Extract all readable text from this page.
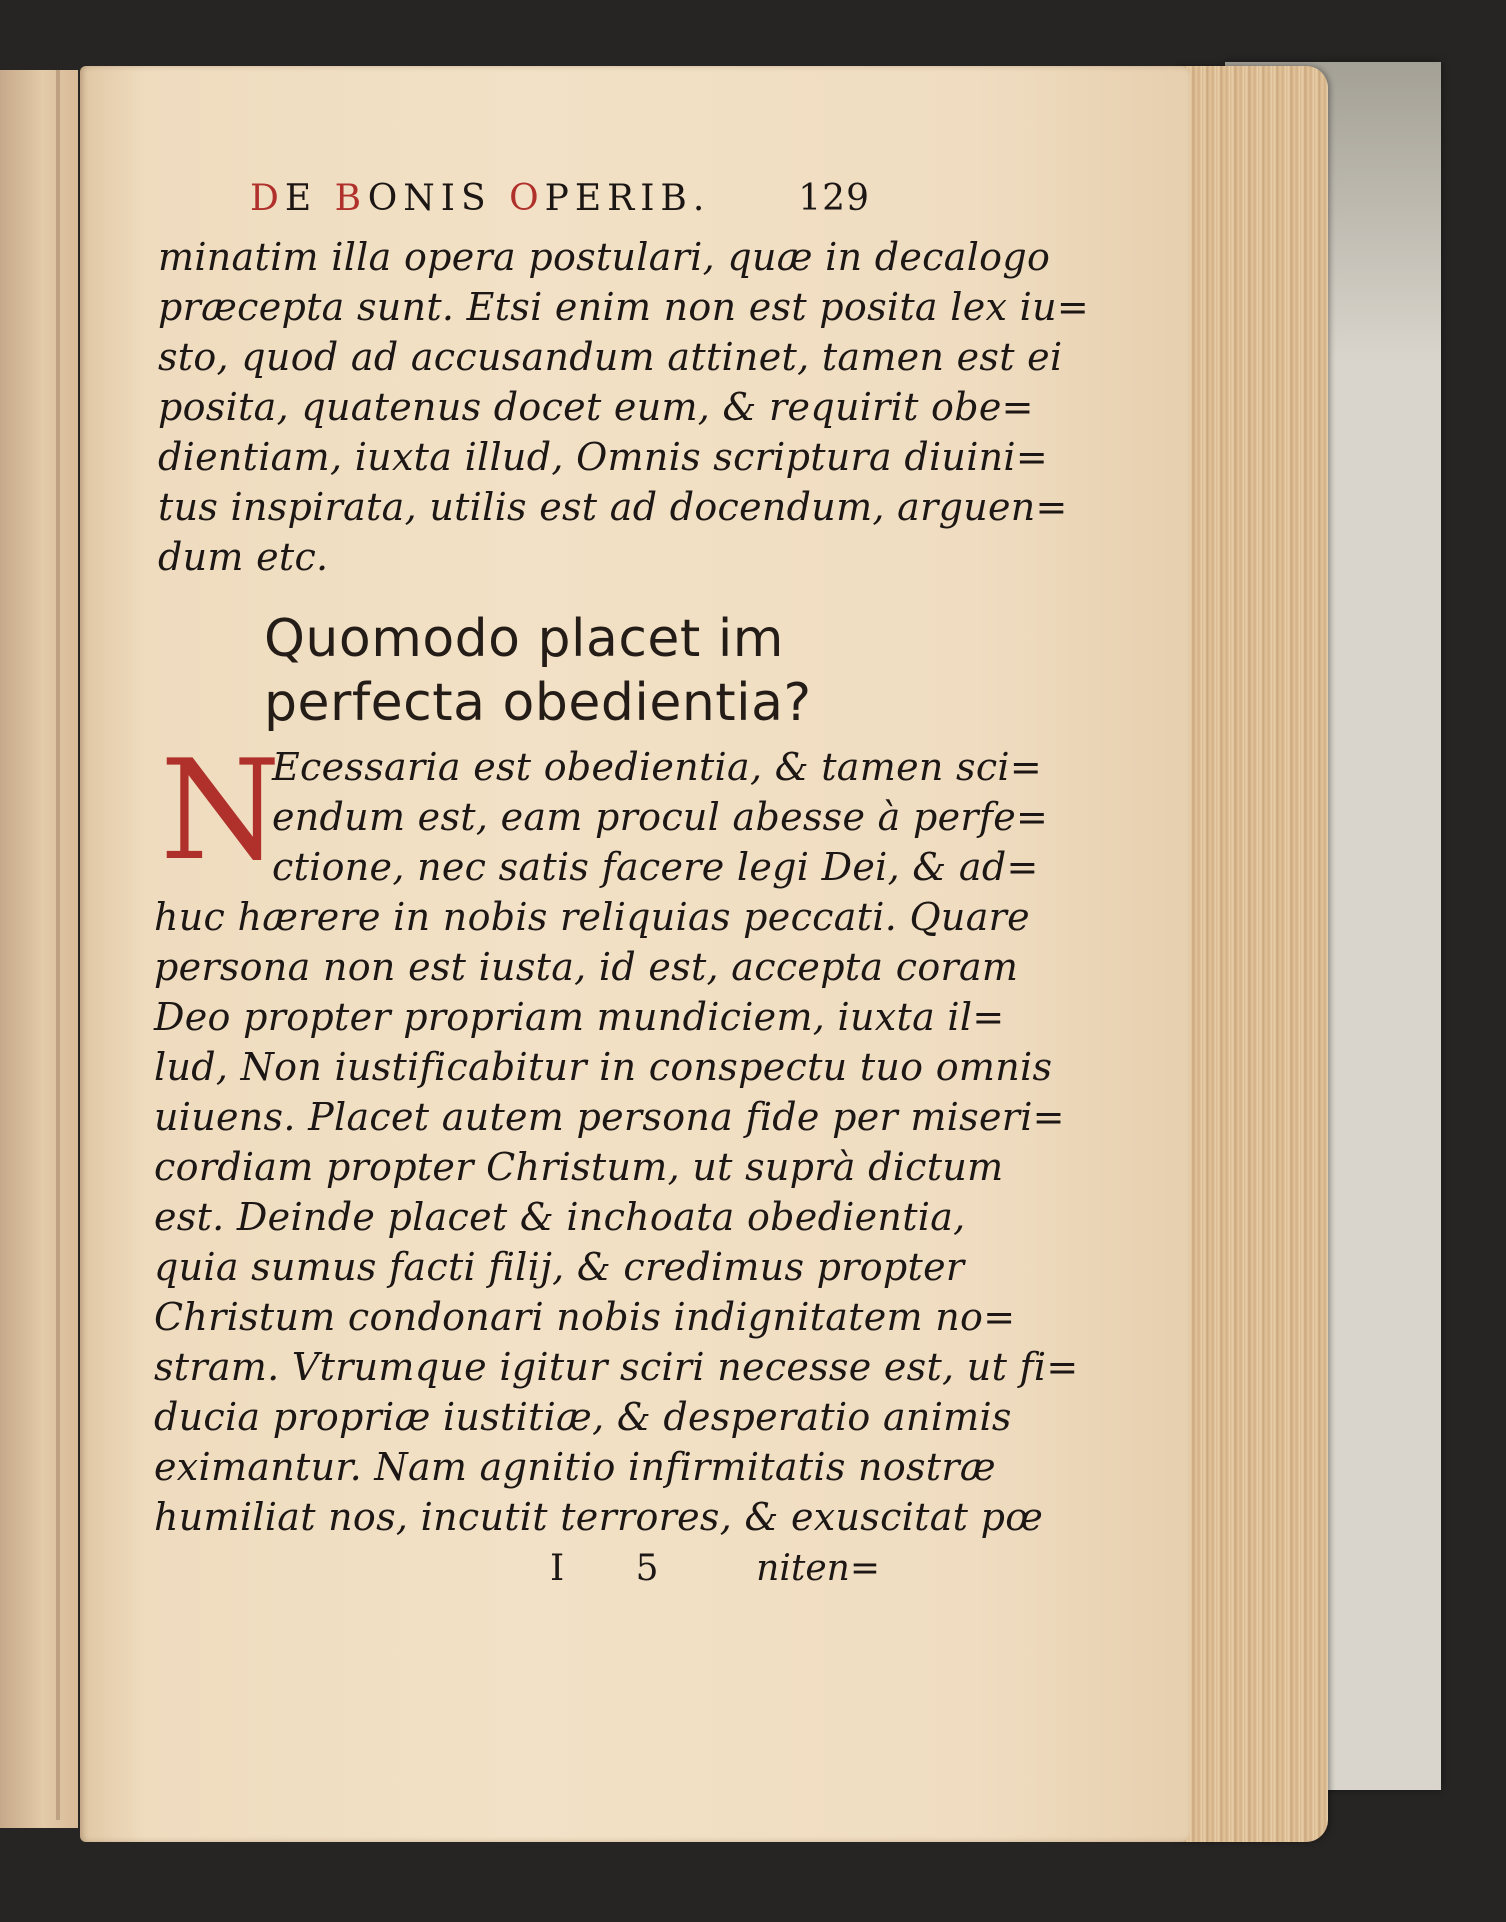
DE BONIS OPERIB. 129
minatim illa opera postulari, quæ in decalogo
præcepta sunt. Etsi enim non est posita lex iu=
sto, quod ad accusandum attinet, tamen est ei
posita, quatenus docet eum, & requirit obe=
dientiam, iuxta illud, Omnis scriptura diuini=
tus inspirata, utilis est ad docendum, arguen=
dum etc.
Quomodo placet im
perfecta obedientia?
N
Ecessaria est obedientia, & tamen sci=
endum est, eam procul abesse à perfe=
ctione, nec satis facere legi Dei, & ad=
huc hærere in nobis reliquias peccati. Quare
persona non est iusta, id est, accepta coram
Deo propter propriam mundiciem, iuxta il=
lud, Non iustificabitur in conspectu tuo omnis
uiuens. Placet autem persona fide per miseri=
cordiam propter Christum, ut suprà dictum
est. Deinde placet & inchoata obedientia,
quia sumus facti filij, & credimus propter
Christum condonari nobis indignitatem no=
stram. Vtrumque igitur sciri necesse est, ut fi=
ducia propriæ iustitiæ, & desperatio animis
eximantur. Nam agnitio infirmitatis nostræ
humiliat nos, incutit terrores, & exuscitat pœ
I 5 niten=
